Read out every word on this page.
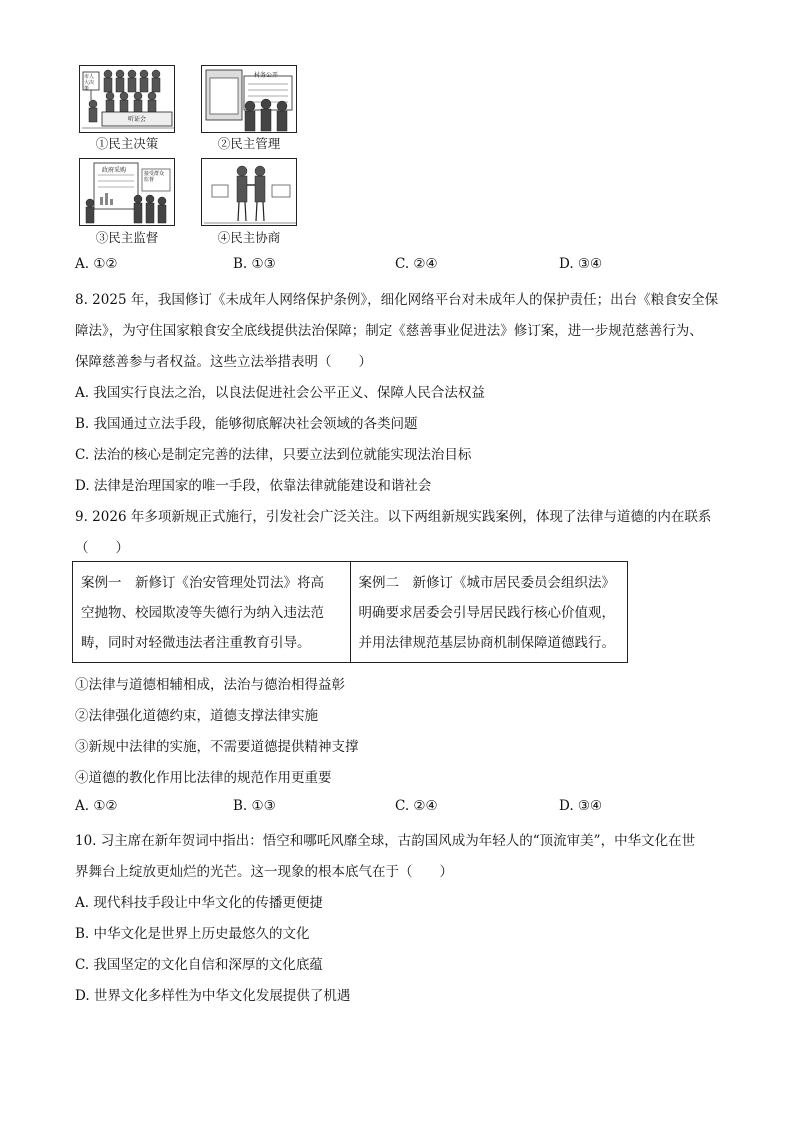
市人大决策
听证会
①民主决策
村务公开
②民主管理
政府采购	接受群众监督
③民主监督	④民主协商
A. ①②	B. ①③	C. ②④	D. ③④
8. 2025 年，我国修订《未成年人网络保护条例》，细化网络平台对未成年人的保护责任；出台《粮食安全保
障法》，为守住国家粮食安全底线提供法治保障；制定《慈善事业促进法》修订案，进一步规范慈善行为、
保障慈善参与者权益。这些立法举措表明（　　）
A. 我国实行良法之治，以良法促进社会公平正义、保障人民合法权益
B. 我国通过立法手段，能够彻底解决社会领域的各类问题
C. 法治的核心是制定完善的法律，只要立法到位就能实现法治目标
D. 法律是治理国家的唯一手段，依靠法律就能建设和谐社会
9. 2026 年多项新规正式施行，引发社会广泛关注。以下两组新规实践案例，体现了法律与道德的内在联系
（　　）
案例一　新修订《治安管理处罚法》将高
空抛物、校园欺凌等失德行为纳入违法范
畴，同时对轻微违法者注重教育引导。

案例二　新修订《城市居民委员会组织法》
明确要求居委会引导居民践行核心价值观，
并用法律规范基层协商机制保障道德践行。
①法律与道德相辅相成，法治与德治相得益彰
②法律强化道德约束，道德支撑法律实施
③新规中法律的实施，不需要道德提供精神支撑
④道德的教化作用比法律的规范作用更重要
A. ①②	B. ①③	C. ②④	D. ③④
10. 习主席在新年贺词中指出：悟空和哪吒风靡全球，古韵国风成为年轻人的“顶流审美”，中华文化在世
界舞台上绽放更灿烂的光芒。这一现象的根本底气在于（　　）
A. 现代科技手段让中华文化的传播更便捷
B. 中华文化是世界上历史最悠久的文化
C. 我国坚定的文化自信和深厚的文化底蕴
D. 世界文化多样性为中华文化发展提供了机遇
